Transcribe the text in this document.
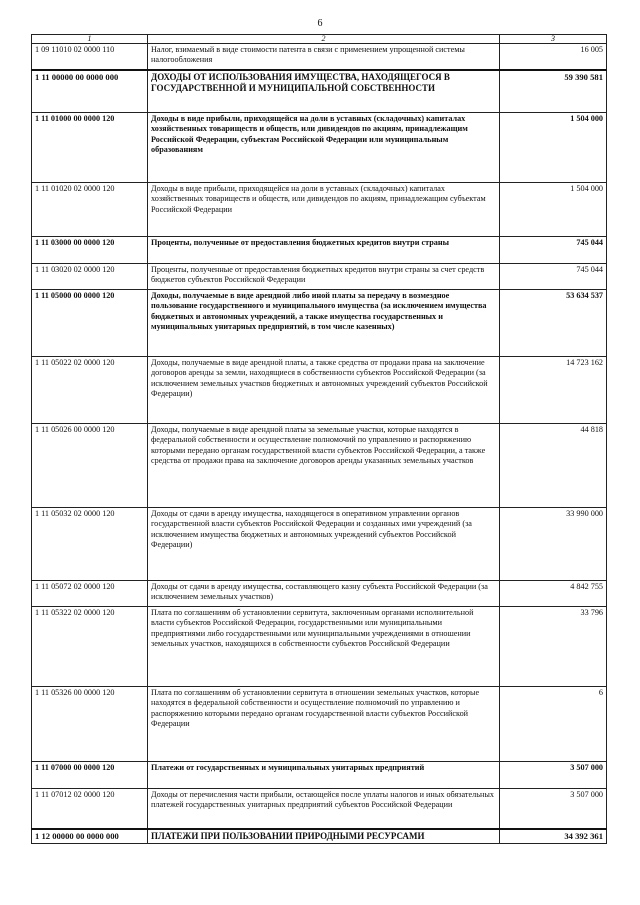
6
1	2	3
1 09 11010 02 0000 110	Налог, взимаемый в виде стоимости патента в связи с применением упрощенной системы налогообложения	16 005
1 11 00000 00 0000 000	ДОХОДЫ ОТ ИСПОЛЬЗОВАНИЯ ИМУЩЕСТВА, НАХОДЯЩЕГОСЯ В ГОСУДАРСТВЕННОЙ И МУНИЦИПАЛЬНОЙ СОБСТВЕННОСТИ	59 390 581
1 11 01000 00 0000 120	Доходы в виде прибыли, приходящейся на доли в уставных (складочных) капиталах хозяйственных товариществ и обществ, или дивидендов по акциям, принадлежащим Российской Федерации, субъектам Российской Федерации или муниципальным образованиям	1 504 000
1 11 01020 02 0000 120	Доходы в виде прибыли, приходящейся на доли в уставных (складочных) капиталах хозяйственных товариществ и обществ, или дивидендов по акциям, принадлежащим субъектам Российской Федерации	1 504 000
1 11 03000 00 0000 120	Проценты, полученные от предоставления бюджетных кредитов внутри страны	745 044
1 11 03020 02 0000 120	Проценты, полученные от предоставления бюджетных кредитов внутри страны за счет средств бюджетов субъектов Российской Федерации	745 044
1 11 05000 00 0000 120	Доходы, получаемые в виде арендной либо иной платы за передачу в возмездное пользование государственного и муниципального имущества (за исключением имущества бюджетных и автономных учреждений, а также имущества государственных и муниципальных унитарных предприятий, в том числе казенных)	53 634 537
1 11 05022 02 0000 120	Доходы, получаемые в виде арендной платы, а также средства от продажи права на заключение договоров аренды за земли, находящиеся в собственности субъектов Российской Федерации (за исключением земельных участков бюджетных и автономных учреждений субъектов Российской Федерации)	14 723 162
1 11 05026 00 0000 120	Доходы, получаемые в виде арендной платы за земельные участки, которые находятся в федеральной собственности и осуществление полномочий по управлению и распоряжению которыми передано органам государственной власти субъектов Российской Федерации, а также средства от продажи права на заключение договоров аренды указанных земельных участков	44 818
1 11 05032 02 0000 120	Доходы от сдачи в аренду имущества, находящегося в оперативном управлении органов государственной власти субъектов Российской Федерации и созданных ими учреждений (за исключением имущества бюджетных и автономных учреждений субъектов Российской Федерации)	33 990 000
1 11 05072 02 0000 120	Доходы от сдачи в аренду имущества, составляющего казну субъекта Российской Федерации (за исключением земельных участков)	4 842 755
1 11 05322 02 0000 120	Плата по соглашениям об установлении сервитута, заключенным органами исполнительной власти субъектов Российской Федерации, государственными или муниципальными предприятиями либо государственными или муниципальными учреждениями в отношении земельных участков, находящихся в собственности субъектов Российской Федерации	33 796
1 11 05326 00 0000 120	Плата по соглашениям об установлении сервитута в отношении земельных участков, которые находятся в федеральной собственности и осуществление полномочий по управлению и распоряжению которыми передано органам государственной власти субъектов Российской Федерации	6
1 11 07000 00 0000 120	Платежи от государственных и муниципальных унитарных предприятий	3 507 000
1 11 07012 02 0000 120	Доходы от перечисления части прибыли, остающейся после уплаты налогов и иных обязательных платежей государственных унитарных предприятий субъектов Российской Федерации	3 507 000
1 12 00000 00 0000 000	ПЛАТЕЖИ ПРИ ПОЛЬЗОВАНИИ ПРИРОДНЫМИ РЕСУРСАМИ	34 392 361
